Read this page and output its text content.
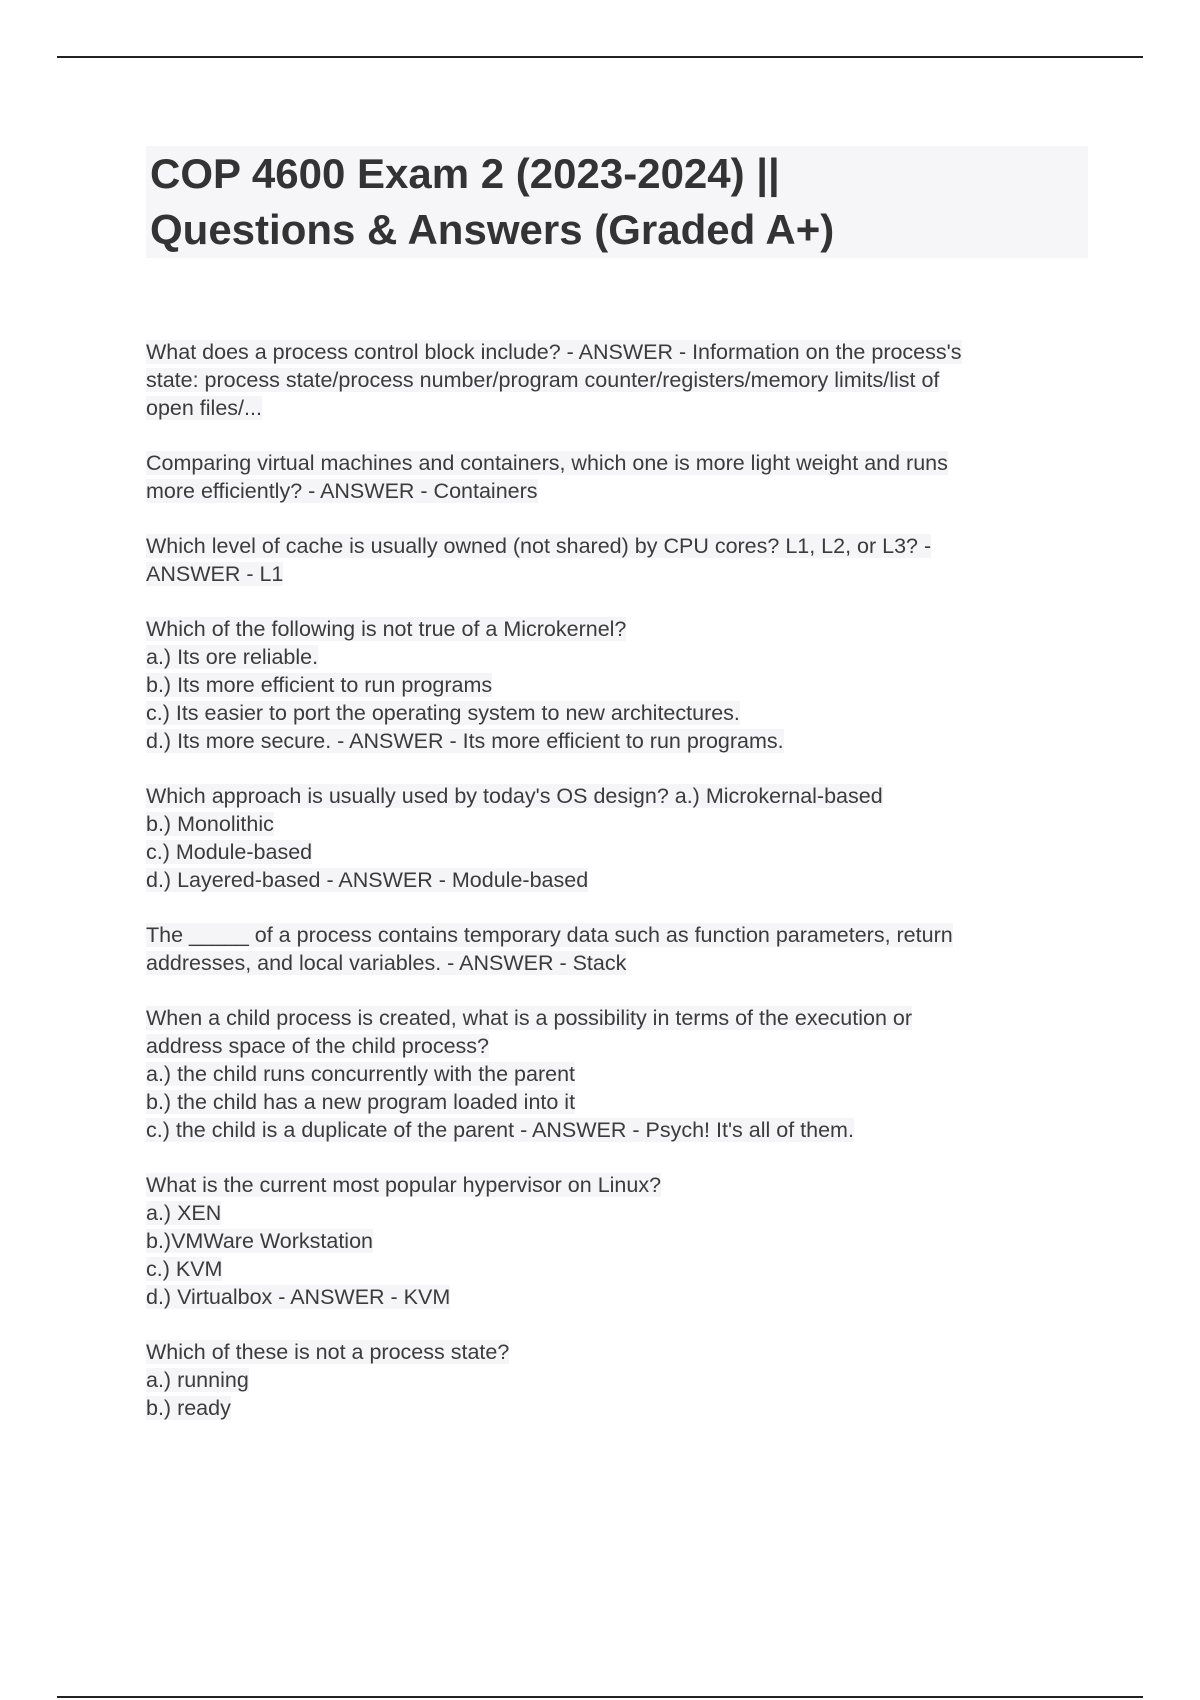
COP 4600 Exam 2 (2023-2024) ||
Questions & Answers (Graded A+)
What does a process control block include? - ANSWER - Information on the process's
state: process state/process number/program counter/registers/memory limits/list of
open files/...
Comparing virtual machines and containers, which one is more light weight and runs
more efficiently? - ANSWER - Containers
Which level of cache is usually owned (not shared) by CPU cores? L1, L2, or L3? -
ANSWER - L1
Which of the following is not true of a Microkernel?
a.) Its ore reliable.
b.) Its more efficient to run programs
c.) Its easier to port the operating system to new architectures.
d.) Its more secure. - ANSWER - Its more efficient to run programs.
Which approach is usually used by today's OS design? a.) Microkernal-based
b.) Monolithic
c.) Module-based
d.) Layered-based - ANSWER - Module-based
The _____ of a process contains temporary data such as function parameters, return
addresses, and local variables. - ANSWER - Stack
When a child process is created, what is a possibility in terms of the execution or
address space of the child process?
a.) the child runs concurrently with the parent
b.) the child has a new program loaded into it
c.) the child is a duplicate of the parent - ANSWER - Psych! It's all of them.
What is the current most popular hypervisor on Linux?
a.) XEN
b.)VMWare Workstation
c.) KVM
d.) Virtualbox - ANSWER - KVM
Which of these is not a process state?
a.) running
b.) ready
